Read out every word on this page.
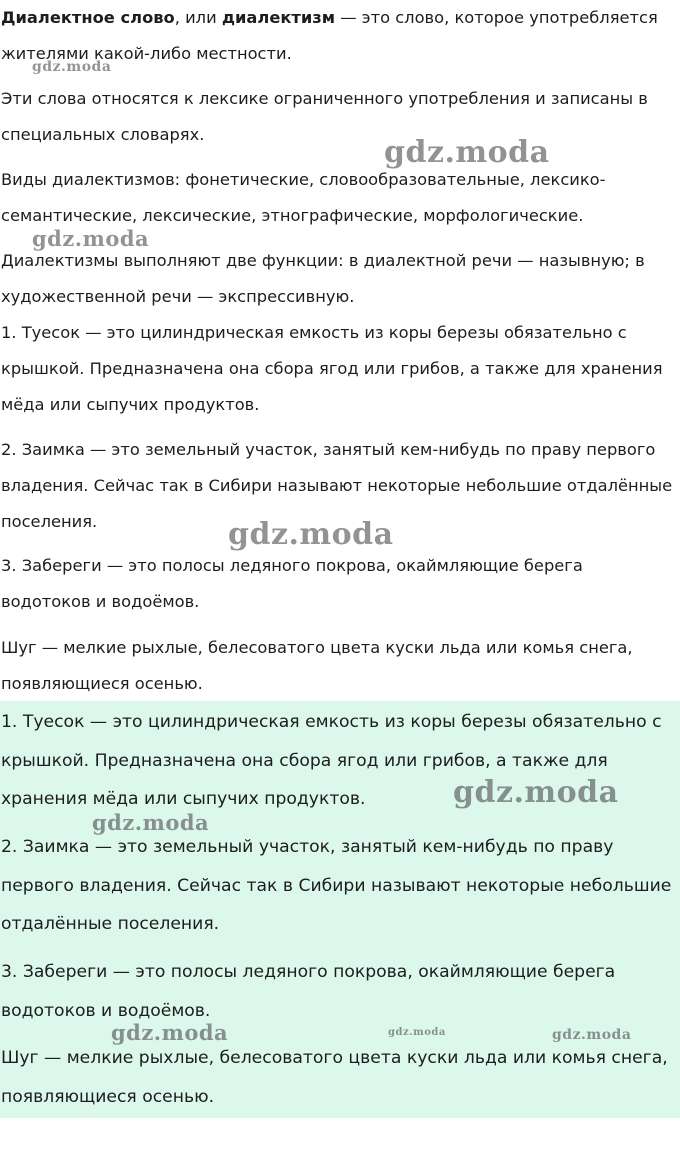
Диалектное слово, или диалектизм — это слово, которое употребляется жителями какой-либо местности.

Эти слова относятся к лексике ограниченного употребления и записаны в специальных словарях.

Виды диалектизмов: фонетические, словообразовательные, лексико-семантические, лексические, этнографические, морфологические.

Диалектизмы выполняют две функции: в диалектной речи — назывную; в художественной речи — экспрессивную.

1. Туесок — это цилиндрическая емкость из коры березы обязательно с крышкой. Предназначена она сбора ягод или грибов, а также для хранения мёда или сыпучих продуктов.

2. Заимка — это земельный участок, занятый кем-нибудь по праву первого владения. Сейчас так в Сибири называют некоторые небольшие отдалённые поселения.

3. Забереги — это полосы ледяного покрова, окаймляющие берега водотоков и водоёмов.

Шуг — мелкие рыхлые, белесоватого цвета куски льда или комья снега, появляющиеся осенью.

1. Туесок — это цилиндрическая емкость из коры березы обязательно с крышкой. Предназначена она сбора ягод или грибов, а также для хранения мёда или сыпучих продуктов.

2. Заимка — это земельный участок, занятый кем-нибудь по праву первого владения. Сейчас так в Сибири называют некоторые небольшие отдалённые поселения.

3. Забереги — это полосы ледяного покрова, окаймляющие берега водотоков и водоёмов.

Шуг — мелкие рыхлые, белесоватого цвета куски льда или комья снега, появляющиеся осенью.

gdz.moda
gdz.moda
gdz.moda
gdz.moda
gdz.moda
gdz.moda
gdz.moda	gdz.moda	gdz.moda
